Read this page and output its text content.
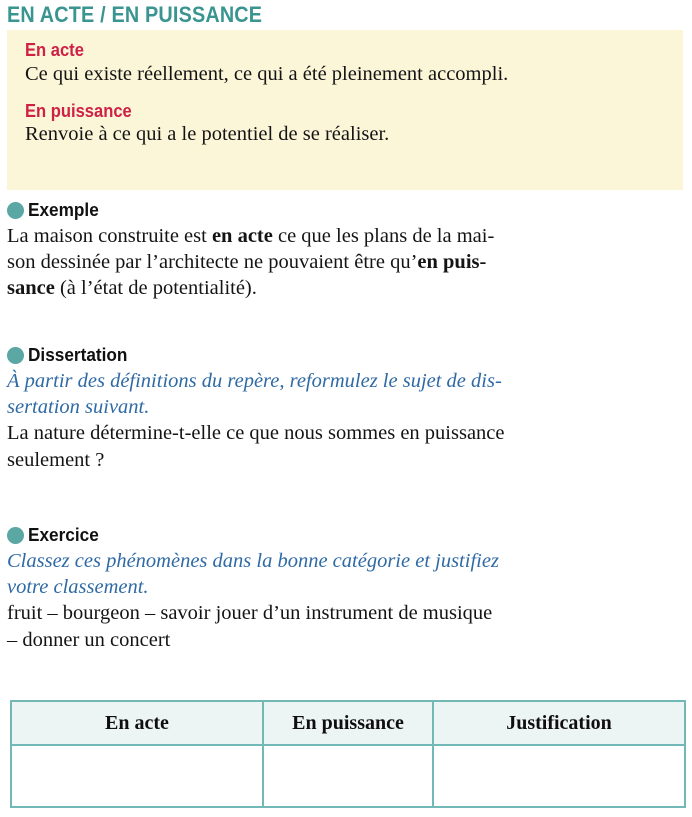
EN ACTE / EN PUISSANCE
En acte
Ce qui existe réellement, ce qui a été pleinement accompli.
En puissance
Renvoie à ce qui a le potentiel de se réaliser.
Exemple
La maison construite est en acte ce que les plans de la mai-
son dessinée par l’architecte ne pouvaient être qu’en puis-
sance (à l’état de potentialité).
Dissertation
À partir des définitions du repère, reformulez le sujet de dis-
sertation suivant.
La nature détermine-t-elle ce que nous sommes en puissance
seulement ?
Exercice
Classez ces phénomènes dans la bonne catégorie et justifiez
votre classement.
fruit – bourgeon – savoir jouer d’un instrument de musique
– donner un concert
En acte	En puissance	Justification
